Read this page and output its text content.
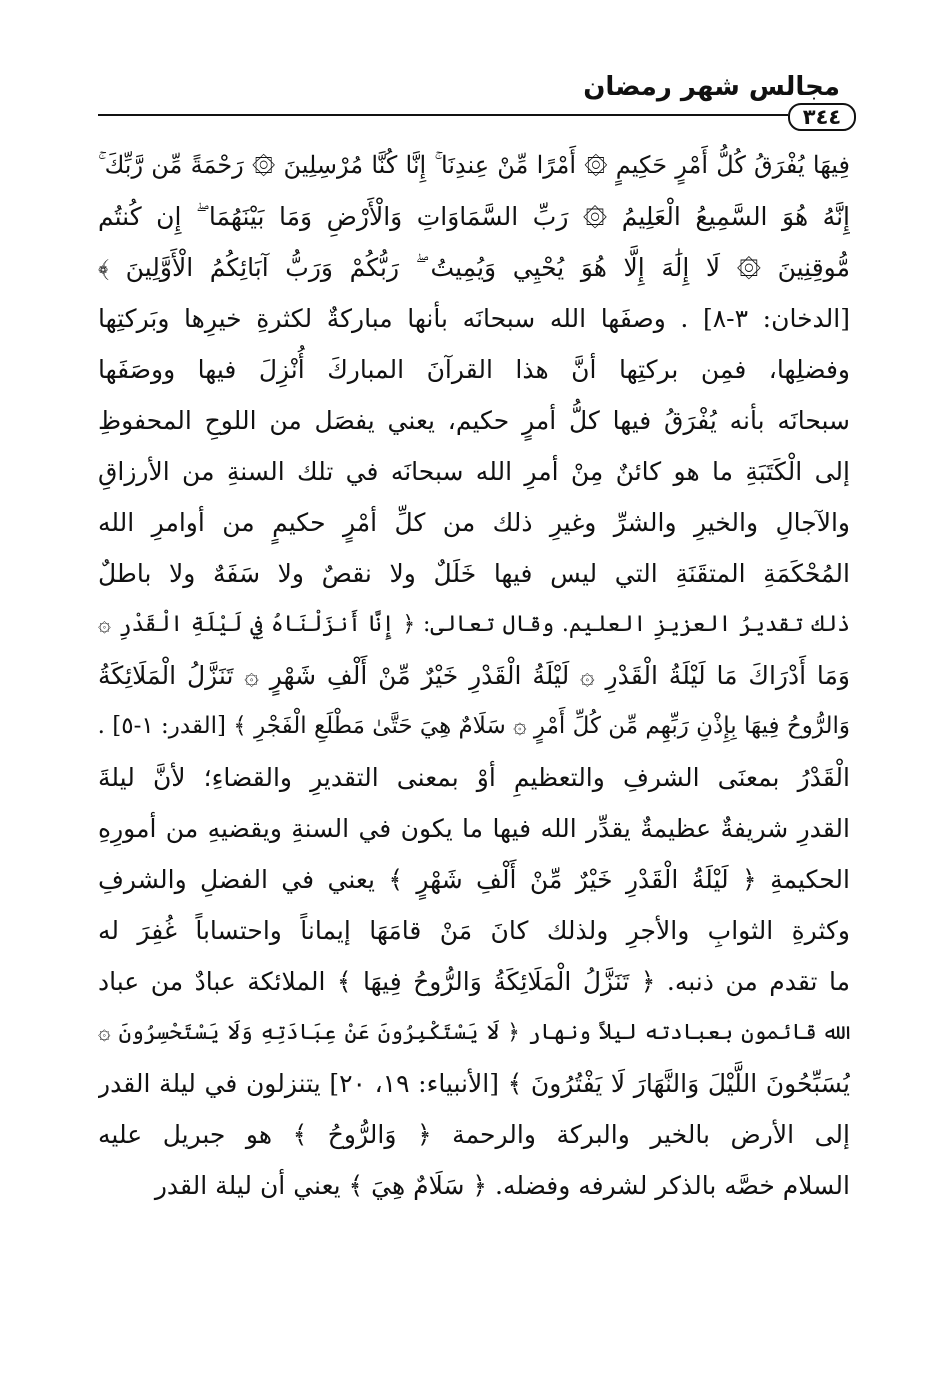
مجالس شهر رمضان
٣٤٤
فِيهَا يُفْرَقُ كُلُّ أَمْرٍ حَكِيمٍ ۞ أَمْرًا مِّنْ عِندِنَا ۚ إِنَّا كُنَّا مُرْسِلِينَ ۞ رَحْمَةً مِّن رَّبِّكَ ۚ
إِنَّهُ هُوَ السَّمِيعُ الْعَلِيمُ ۞ رَبِّ السَّمَاوَاتِ وَالْأَرْضِ وَمَا بَيْنَهُمَا ۖ إِن كُنتُم
مُّوقِنِينَ ۞ لَا إِلَٰهَ إِلَّا هُوَ يُحْيِي وَيُمِيتُ ۖ رَبُّكُمْ وَرَبُّ آبَائِكُمُ الْأَوَّلِينَ ﴾
[الدخان: ٣-٨] . وصفَها الله سبحانَه بأنها مباركةٌ لكثرةِ خيرِها وبَركتِها
وفضلِها، فمِن بركتِها أنَّ هذا القرآنَ المباركَ أُنْزِلَ فيها ووصَفَها
سبحانَه بأنه يُفْرَقُ فيها كلُّ أمرٍ حكيم، يعني يفصَل من اللوحِ المحفوظِ
إلى الْكَتَبَةِ ما هو كائنٌ مِنْ أمرِ الله سبحانَه في تلك السنةِ من الأرزاقِ
والآجالِ والخيرِ والشرِّ وغيرِ ذلك من كلِّ أمْرٍ حكيمٍ من أوامرِ الله
المُحْكَمَةِ المتقَنَةِ التي ليس فيها خَلَلٌ ولا نقصٌ ولا سَفَهٌ ولا باطلٌ
ذلك تقديرُ العزيزِ العليم. وقال تعالى: ﴿ إِنَّا أَنزَلْنَاهُ فِي لَيْلَةِ الْقَدْرِ ۞
وَمَا أَدْرَاكَ مَا لَيْلَةُ الْقَدْرِ ۞ لَيْلَةُ الْقَدْرِ خَيْرٌ مِّنْ أَلْفِ شَهْرٍ ۞ تَنَزَّلُ الْمَلَائِكَةُ
وَالرُّوحُ فِيهَا بِإِذْنِ رَبِّهِم مِّن كُلِّ أَمْرٍ ۞ سَلَامٌ هِيَ حَتَّىٰ مَطْلَعِ الْفَجْرِ ﴾ [القدر: ١-٥] .
الْقَدْرُ بمعنَى الشرفِ والتعظيمِ أوْ بمعنى التقديرِ والقضاءِ؛ لأنَّ ليلةَ
القدرِ شريفةٌ عظيمةٌ يقدِّر الله فيها ما يكون في السنةِ ويقضيهِ من أمورِهِ
الحكيمةِ ﴿ لَيْلَةُ الْقَدْرِ خَيْرٌ مِّنْ أَلْفِ شَهْرٍ ﴾ يعني في الفضلِ والشرفِ
وكثرةِ الثوابِ والأجرِ ولذلك كانَ مَنْ قامَهَا إيماناً واحتساباً غُفِرَ له
ما تقدم من ذنبه. ﴿ تَنَزَّلُ الْمَلَائِكَةُ وَالرُّوحُ فِيهَا ﴾ الملائكة عبادٌ من عباد
الله قائمون بعبادته ليلاً ونهار ﴿ لَا يَسْتَكْبِرُونَ عَنْ عِبَادَتِهِ وَلَا يَسْتَحْسِرُونَ ۞
يُسَبِّحُونَ اللَّيْلَ وَالنَّهَارَ لَا يَفْتُرُونَ ﴾ [الأنبياء: ١٩، ٢٠] يتنزلون في ليلة القدر
إلى الأرض بالخير والبركة والرحمة ﴿ وَالرُّوحُ ﴾ هو جبريل عليه
السلام خصَّه بالذكر لشرفه وفضله. ﴿ سَلَامٌ هِيَ ﴾ يعني أن ليلة القدر
